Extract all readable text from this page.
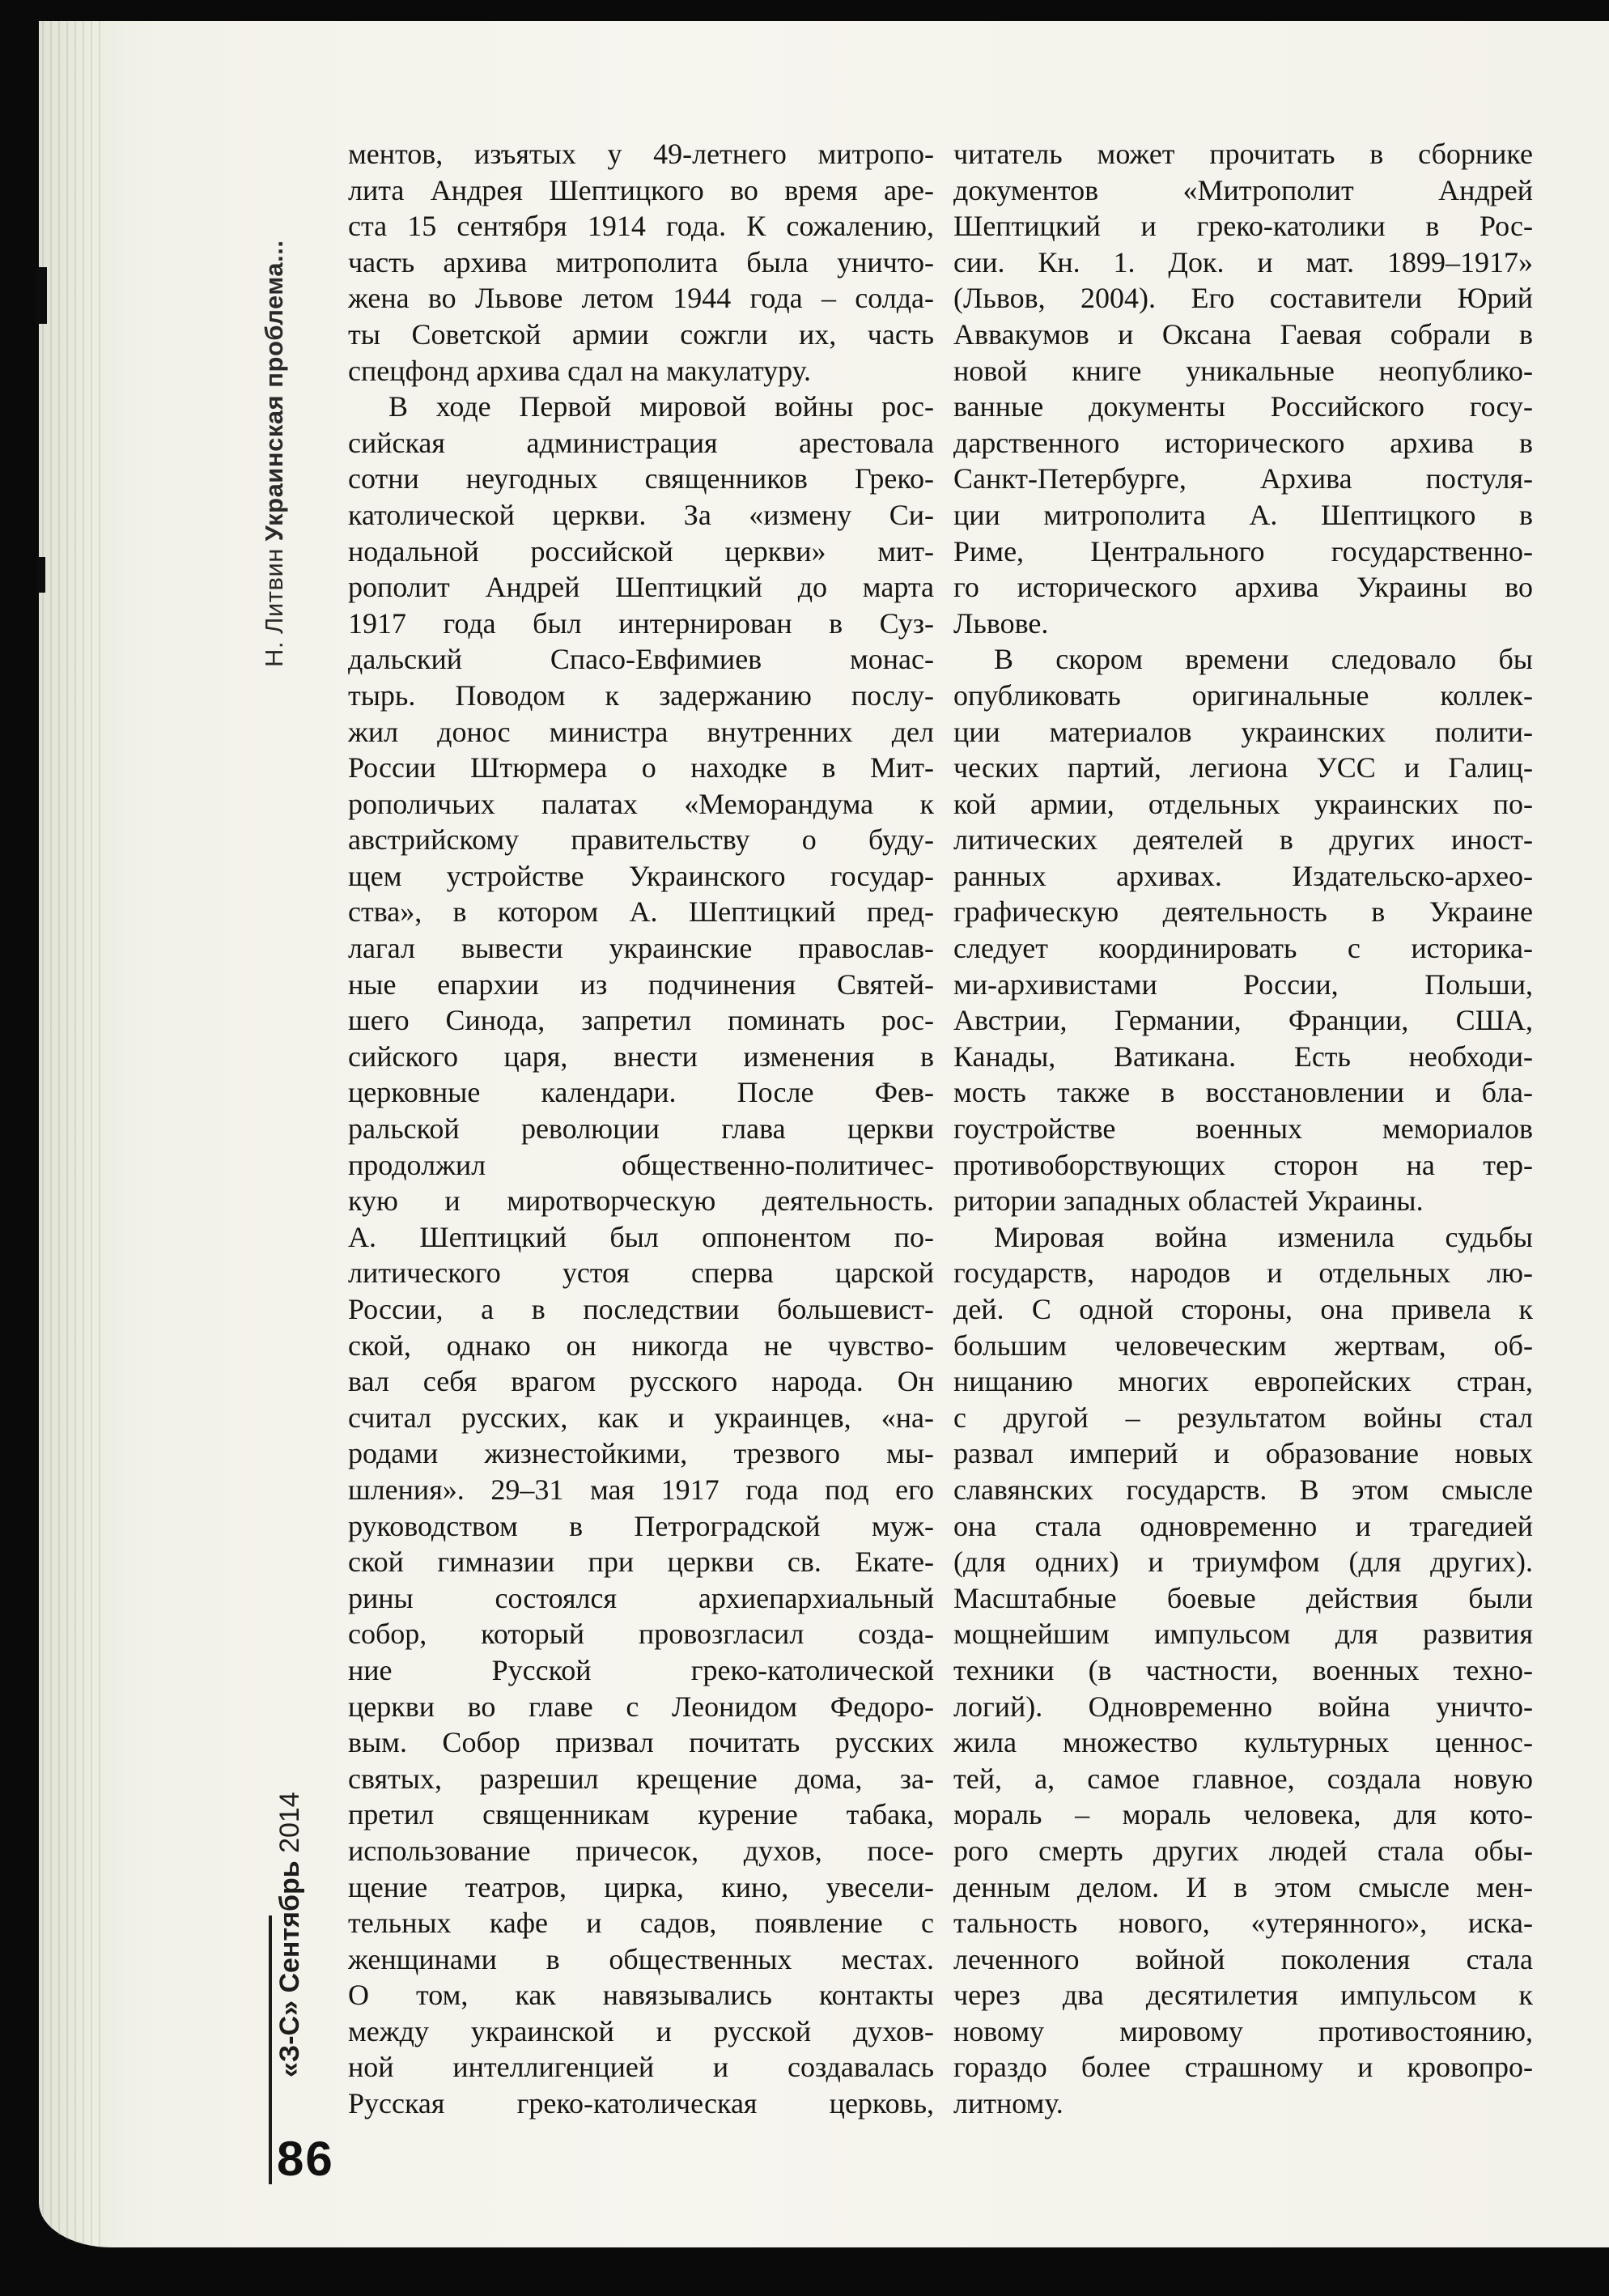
Н. Литвин Украинская проблема...
ментов, изъятых у 49-летнего митропо-
лита Андрея Шептицкого во время аре-
ста 15 сентября 1914 года. К сожалению,
часть архива митрополита была уничто-
жена во Львове летом 1944 года – солда-
ты Советской армии сожгли их, часть
спецфонд архива сдал на макулатуру.
В ходе Первой мировой войны рос-
сийская администрация арестовала
сотни неугодных священников Греко-
католической церкви. За «измену Си-
нодальной российской церкви» мит-
рополит Андрей Шептицкий до марта
1917 года был интернирован в Суз-
дальский Спасо-Евфимиев монас-
тырь. Поводом к задержанию послу-
жил донос министра внутренних дел
России Штюрмера о находке в Мит-
рополичьих палатах «Меморандума к
австрийскому правительству о буду-
щем устройстве Украинского государ-
ства», в котором А. Шептицкий пред-
лагал вывести украинские православ-
ные епархии из подчинения Святей-
шего Синода, запретил поминать рос-
сийского царя, внести изменения в
церковные календари. После Фев-
ральской революции глава церкви
продолжил общественно-политичес-
кую и миротворческую деятельность.
А. Шептицкий был оппонентом по-
литического устоя сперва царской
России, а в последствии большевист-
ской, однако он никогда не чувство-
вал себя врагом русского народа. Он
считал русских, как и украинцев, «на-
родами жизнестойкими, трезвого мы-
шления». 29–31 мая 1917 года под его
руководством в Петроградской муж-
ской гимназии при церкви св. Екате-
рины состоялся архиепархиальный
собор, который провозгласил созда-
ние Русской греко-католической
церкви во главе с Леонидом Федоро-
вым. Собор призвал почитать русских
святых, разрешил крещение дома, за-
претил священникам курение табака,
использование причесок, духов, посе-
щение театров, цирка, кино, увесели-
тельных кафе и садов, появление с
женщинами в общественных местах.
О том, как навязывались контакты
между украинской и русской духов-
ной интеллигенцией и создавалась
Русская греко-католическая церковь,
читатель может прочитать в сборнике
документов «Митрополит Андрей
Шептицкий и греко-католики в Рос-
сии. Кн. 1. Док. и мат. 1899–1917»
(Львов, 2004). Его составители Юрий
Аввакумов и Оксана Гаевая собрали в
новой книге уникальные неопублико-
ванные документы Российского госу-
дарственного исторического архива в
Санкт-Петербурге, Архива постуля-
ции митрополита А. Шептицкого в
Риме, Центрального государственно-
го исторического архива Украины во
Львове.
В скором времени следовало бы
опубликовать оригинальные коллек-
ции материалов украинских полити-
ческих партий, легиона УСС и Галиц-
кой армии, отдельных украинских по-
литических деятелей в других иност-
ранных архивах. Издательско-архео-
графическую деятельность в Украине
следует координировать с историка-
ми-архивистами России, Польши,
Австрии, Германии, Франции, США,
Канады, Ватикана. Есть необходи-
мость также в восстановлении и бла-
гоустройстве военных мемориалов
противоборствующих сторон на тер-
ритории западных областей Украины.
Мировая война изменила судьбы
государств, народов и отдельных лю-
дей. С одной стороны, она привела к
большим человеческим жертвам, об-
нищанию многих европейских стран,
с другой – результатом войны стал
развал империй и образование новых
славянских государств. В этом смысле
она стала одновременно и трагедией
(для одних) и триумфом (для других).
Масштабные боевые действия были
мощнейшим импульсом для развития
техники (в частности, военных техно-
логий). Одновременно война уничто-
жила множество культурных ценнос-
тей, а, самое главное, создала новую
мораль – мораль человека, для кото-
рого смерть других людей стала обы-
денным делом. И в этом смысле мен-
тальность нового, «утерянного», иска-
леченного войной поколения стала
через два десятилетия импульсом к
новому мировому противостоянию,
гораздо более страшному и кровопро-
литному.
«З-С» Сентябрь 2014
86
